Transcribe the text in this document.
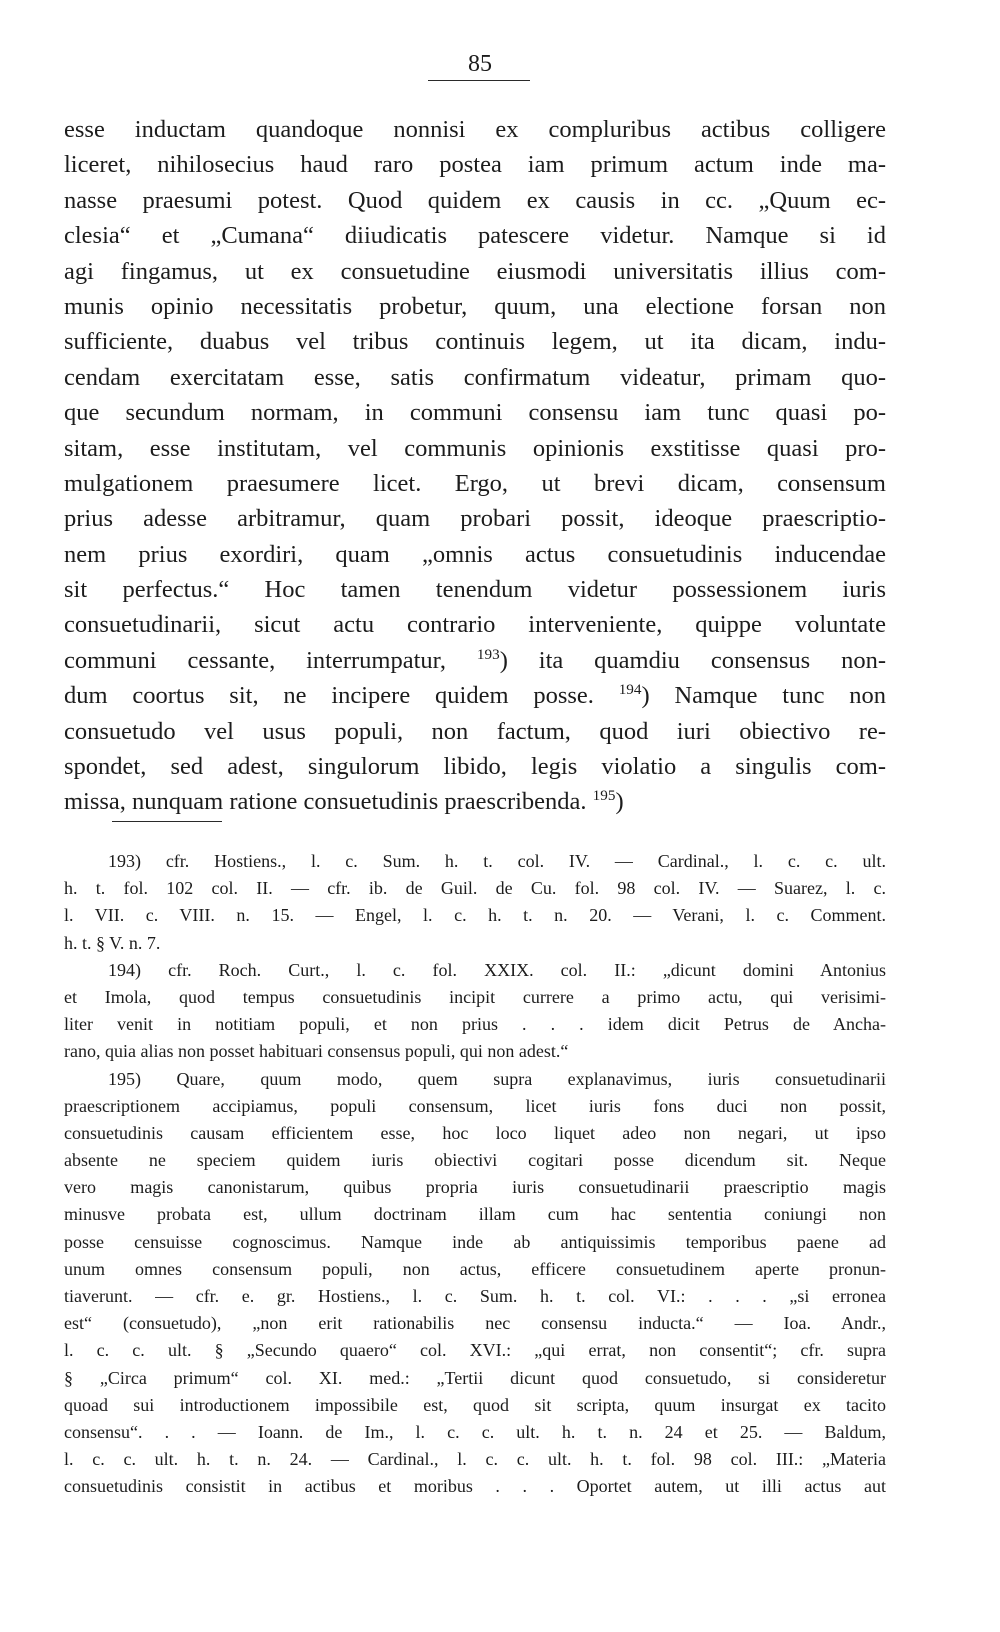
85
esse inductam quandoque nonnisi ex compluribus actibus colligere
liceret, nihilosecius haud raro postea iam primum actum inde ma-
nasse praesumi potest. Quod quidem ex causis in cc. „Quum ec-
clesia“ et „Cumana“ diiudicatis patescere videtur. Namque si id
agi fingamus, ut ex consuetudine eiusmodi universitatis illius com-
munis opinio necessitatis probetur, quum, una electione forsan non
sufficiente, duabus vel tribus continuis legem, ut ita dicam, indu-
cendam exercitatam esse, satis confirmatum videatur, primam quo-
que secundum normam, in communi consensu iam tunc quasi po-
sitam, esse institutam, vel communis opinionis exstitisse quasi pro-
mulgationem praesumere licet. Ergo, ut brevi dicam, consensum
prius adesse arbitramur, quam probari possit, ideoque praescriptio-
nem prius exordiri, quam „omnis actus consuetudinis inducendae
sit perfectus.“ Hoc tamen tenendum videtur possessionem iuris
consuetudinarii, sicut actu contrario interveniente, quippe voluntate
communi cessante, interrumpatur, $^{193}$) ita quamdiu consensus non-
dum coortus sit, ne incipere quidem posse. $^{194}$) Namque tunc non
consuetudo vel usus populi, non factum, quod iuri obiectivo re-
spondet, sed adest, singulorum libido, legis violatio a singulis com-
missa, nunquam ratione consuetudinis praescribenda. $^{195}$)
193) cfr. Hostiens., l. c. Sum. h. t. col. IV. — Cardinal., l. c. c. ult.
h. t. fol. 102 col. II. — cfr. ib. de Guil. de Cu. fol. 98 col. IV. — Suarez, l. c.
l. VII. c. VIII. n. 15. — Engel, l. c. h. t. n. 20. — Verani, l. c. Comment.
h. t. § V. n. 7.
194) cfr. Roch. Curt., l. c. fol. XXIX. col. II.: „dicunt domini Antonius
et Imola, quod tempus consuetudinis incipit currere a primo actu, qui verisimi-
liter venit in notitiam populi, et non prius . . . idem dicit Petrus de Ancha-
rano, quia alias non posset habituari consensus populi, qui non adest.“
195) Quare, quum modo, quem supra explanavimus, iuris consuetudinarii
praescriptionem accipiamus, populi consensum, licet iuris fons duci non possit,
consuetudinis causam efficientem esse, hoc loco liquet adeo non negari, ut ipso
absente ne speciem quidem iuris obiectivi cogitari posse dicendum sit. Neque
vero magis canonistarum, quibus propria iuris consuetudinarii praescriptio magis
minusve probata est, ullum doctrinam illam cum hac sententia coniungi non
posse censuisse cognoscimus. Namque inde ab antiquissimis temporibus paene ad
unum omnes consensum populi, non actus, efficere consuetudinem aperte pronun-
tiaverunt. — cfr. e. gr. Hostiens., l. c. Sum. h. t. col. VI.: . . . „si erronea
est“ (consuetudo), „non erit rationabilis nec consensu inducta.“ — Ioa. Andr.,
l. c. c. ult. § „Secundo quaero“ col. XVI.: „qui errat, non consentit“; cfr. supra
§ „Circa primum“ col. XI. med.: „Tertii dicunt quod consuetudo, si consideretur
quoad sui introductionem impossibile est, quod sit scripta, quum insurgat ex tacito
consensu“. . . — Ioann. de Im., l. c. c. ult. h. t. n. 24 et 25. — Baldum,
l. c. c. ult. h. t. n. 24. — Cardinal., l. c. c. ult. h. t. fol. 98 col. III.: „Materia
consuetudinis consistit in actibus et moribus . . . Oportet autem, ut illi actus aut
